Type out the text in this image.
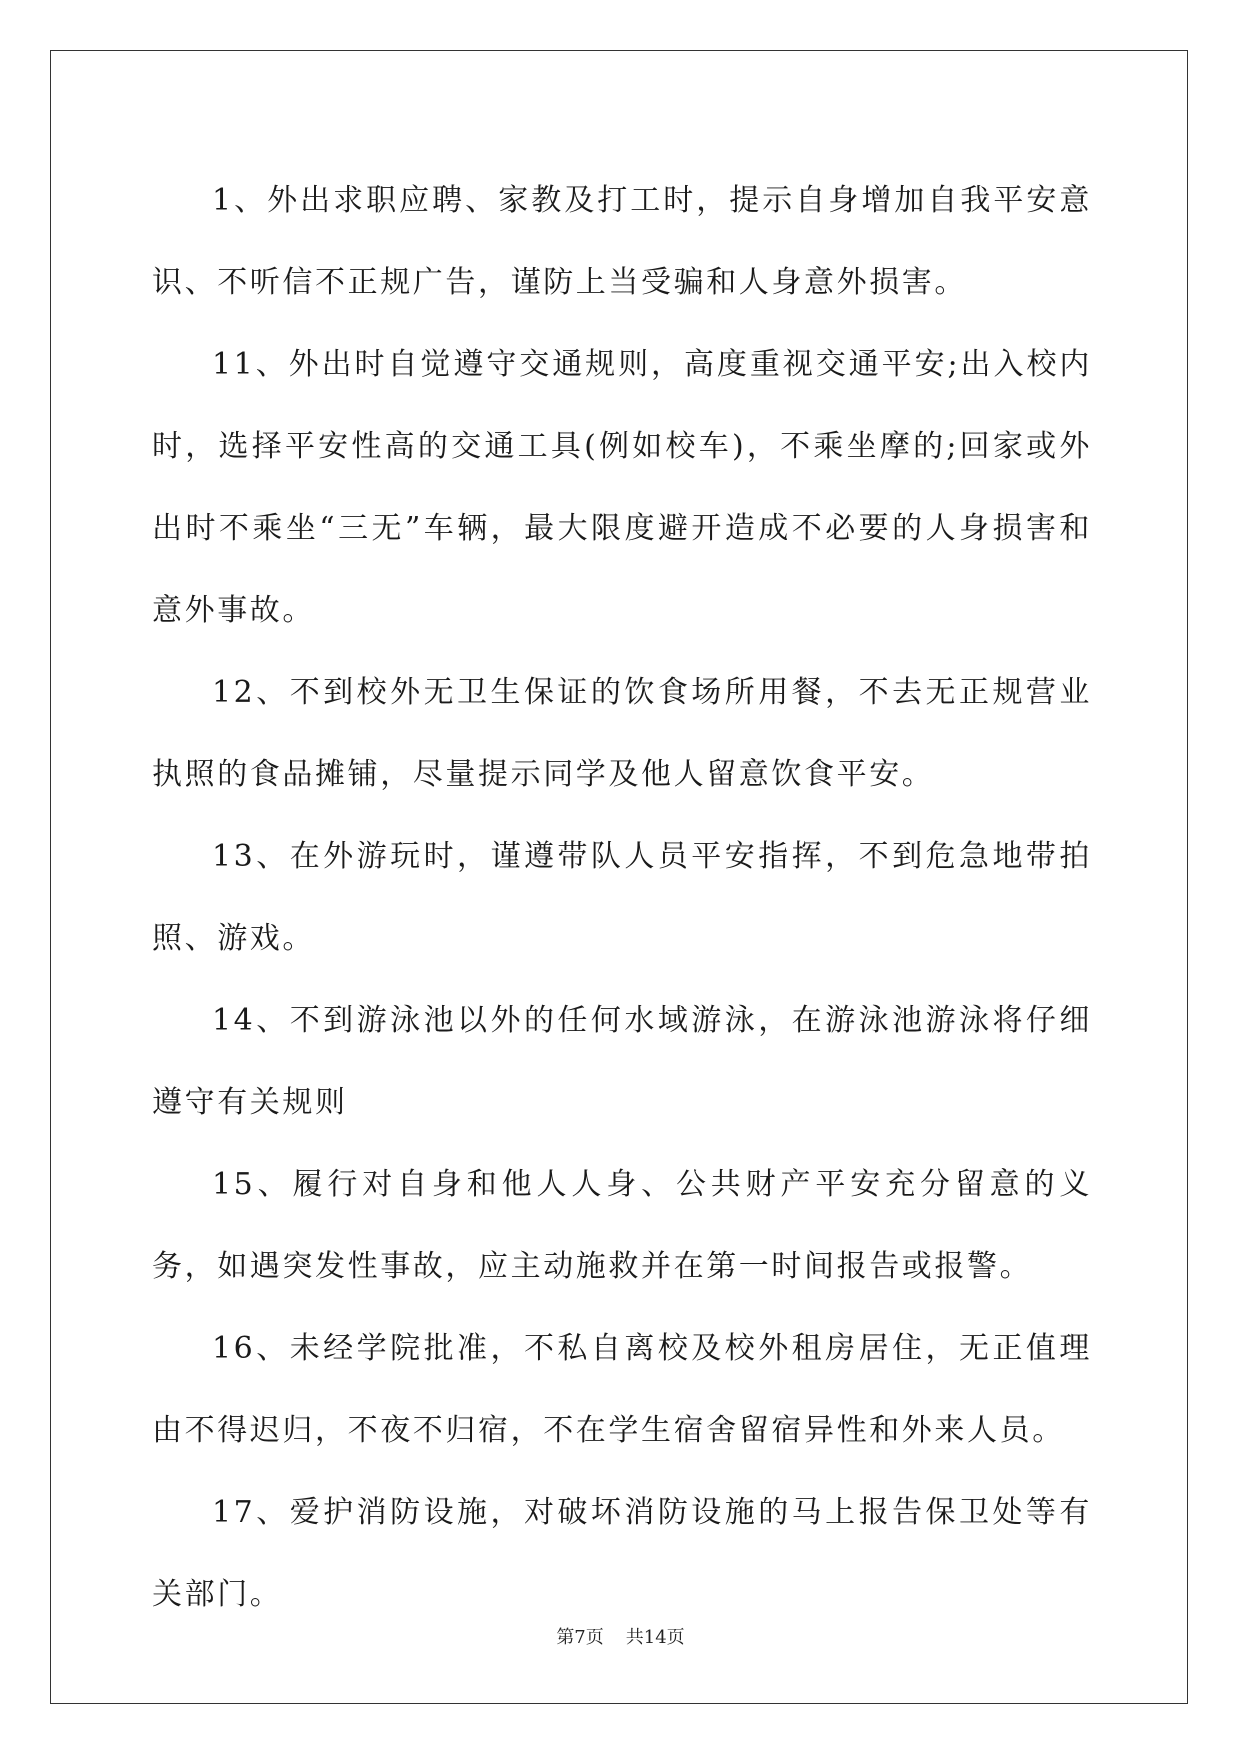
1、外出求职应聘、家教及打工时，提示自身增加自我平安意识、不听信不正规广告，谨防上当受骗和人身意外损害。

11、外出时自觉遵守交通规则，高度重视交通平安;出入校内时，选择平安性高的交通工具(例如校车)，不乘坐摩的;回家或外出时不乘坐“三无”车辆，最大限度避开造成不必要的人身损害和意外事故。

12、不到校外无卫生保证的饮食场所用餐，不去无正规营业执照的食品摊铺，尽量提示同学及他人留意饮食平安。

13、在外游玩时，谨遵带队人员平安指挥，不到危急地带拍照、游戏。

14、不到游泳池以外的任何水域游泳，在游泳池游泳将仔细遵守有关规则

15、履行对自身和他人人身、公共财产平安充分留意的义务，如遇突发性事故，应主动施救并在第一时间报告或报警。

16、未经学院批准，不私自离校及校外租房居住，无正值理由不得迟归，不夜不归宿，不在学生宿舍留宿异性和外来人员。

17、爱护消防设施，对破坏消防设施的马上报告保卫处等有关部门。

第7页 共14页
